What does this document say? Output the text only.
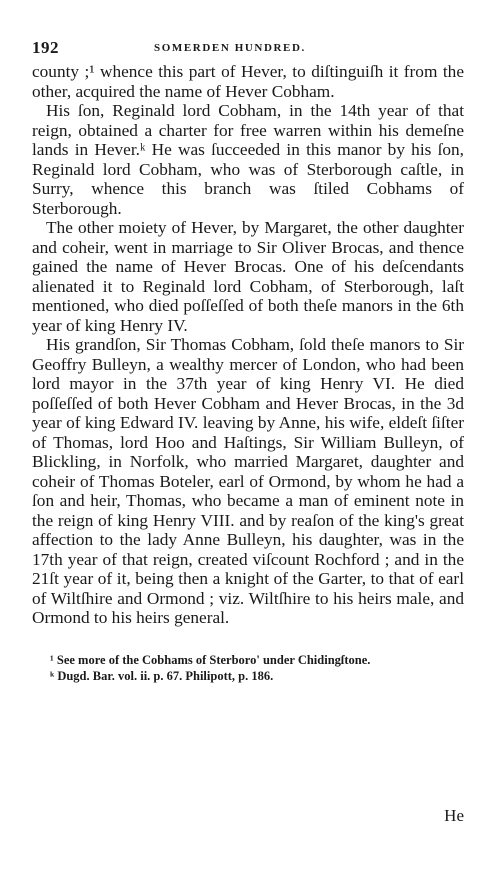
192	SOMERDEN HUNDRED.

county ;¹ whence this part of Hever, to diſtinguiſh it from the other, acquired the name of Hever Cobham.

His ſon, Reginald lord Cobham, in the 14th year of that reign, obtained a charter for free warren within his demeſne lands in Hever.ᵏ He was ſucceeded in this manor by his ſon, Reginald lord Cobham, who was of Sterborough caſtle, in Surry, whence this branch was ſtiled Cobhams of Sterborough.

The other moiety of Hever, by Margaret, the other daughter and coheir, went in marriage to Sir Oliver Brocas, and thence gained the name of Hever Brocas. One of his deſcendants alienated it to Reginald lord Cobham, of Sterborough, laſt mentioned, who died poſſeſſed of both theſe manors in the 6th year of king Henry IV.

His grandſon, Sir Thomas Cobham, ſold theſe manors to Sir Geoffry Bulleyn, a wealthy mercer of London, who had been lord mayor in the 37th year of king Henry VI. He died poſſeſſed of both Hever Cobham and Hever Brocas, in the 3d year of king Edward IV. leaving by Anne, his wife, eldeſt ſiſter of Thomas, lord Hoo and Haſtings, Sir William Bulleyn, of Blickling, in Norfolk, who married Margaret, daughter and coheir of Thomas Boteler, earl of Ormond, by whom he had a ſon and heir, Thomas, who became a man of eminent note in the reign of king Henry VIII. and by reaſon of the king's great affection to the lady Anne Bulleyn, his daughter, was in the 17th year of that reign, created viſcount Rochford ; and in the 21ſt year of it, being then a knight of the Garter, to that of earl of Wiltſhire and Ormond ; viz. Wiltſhire to his heirs male, and Ormond to his heirs general.

¹ See more of the Cobhams of Sterboro' under Chidingſtone.

ᵏ Dugd. Bar. vol. ii. p. 67. Philipott, p. 186.

He
